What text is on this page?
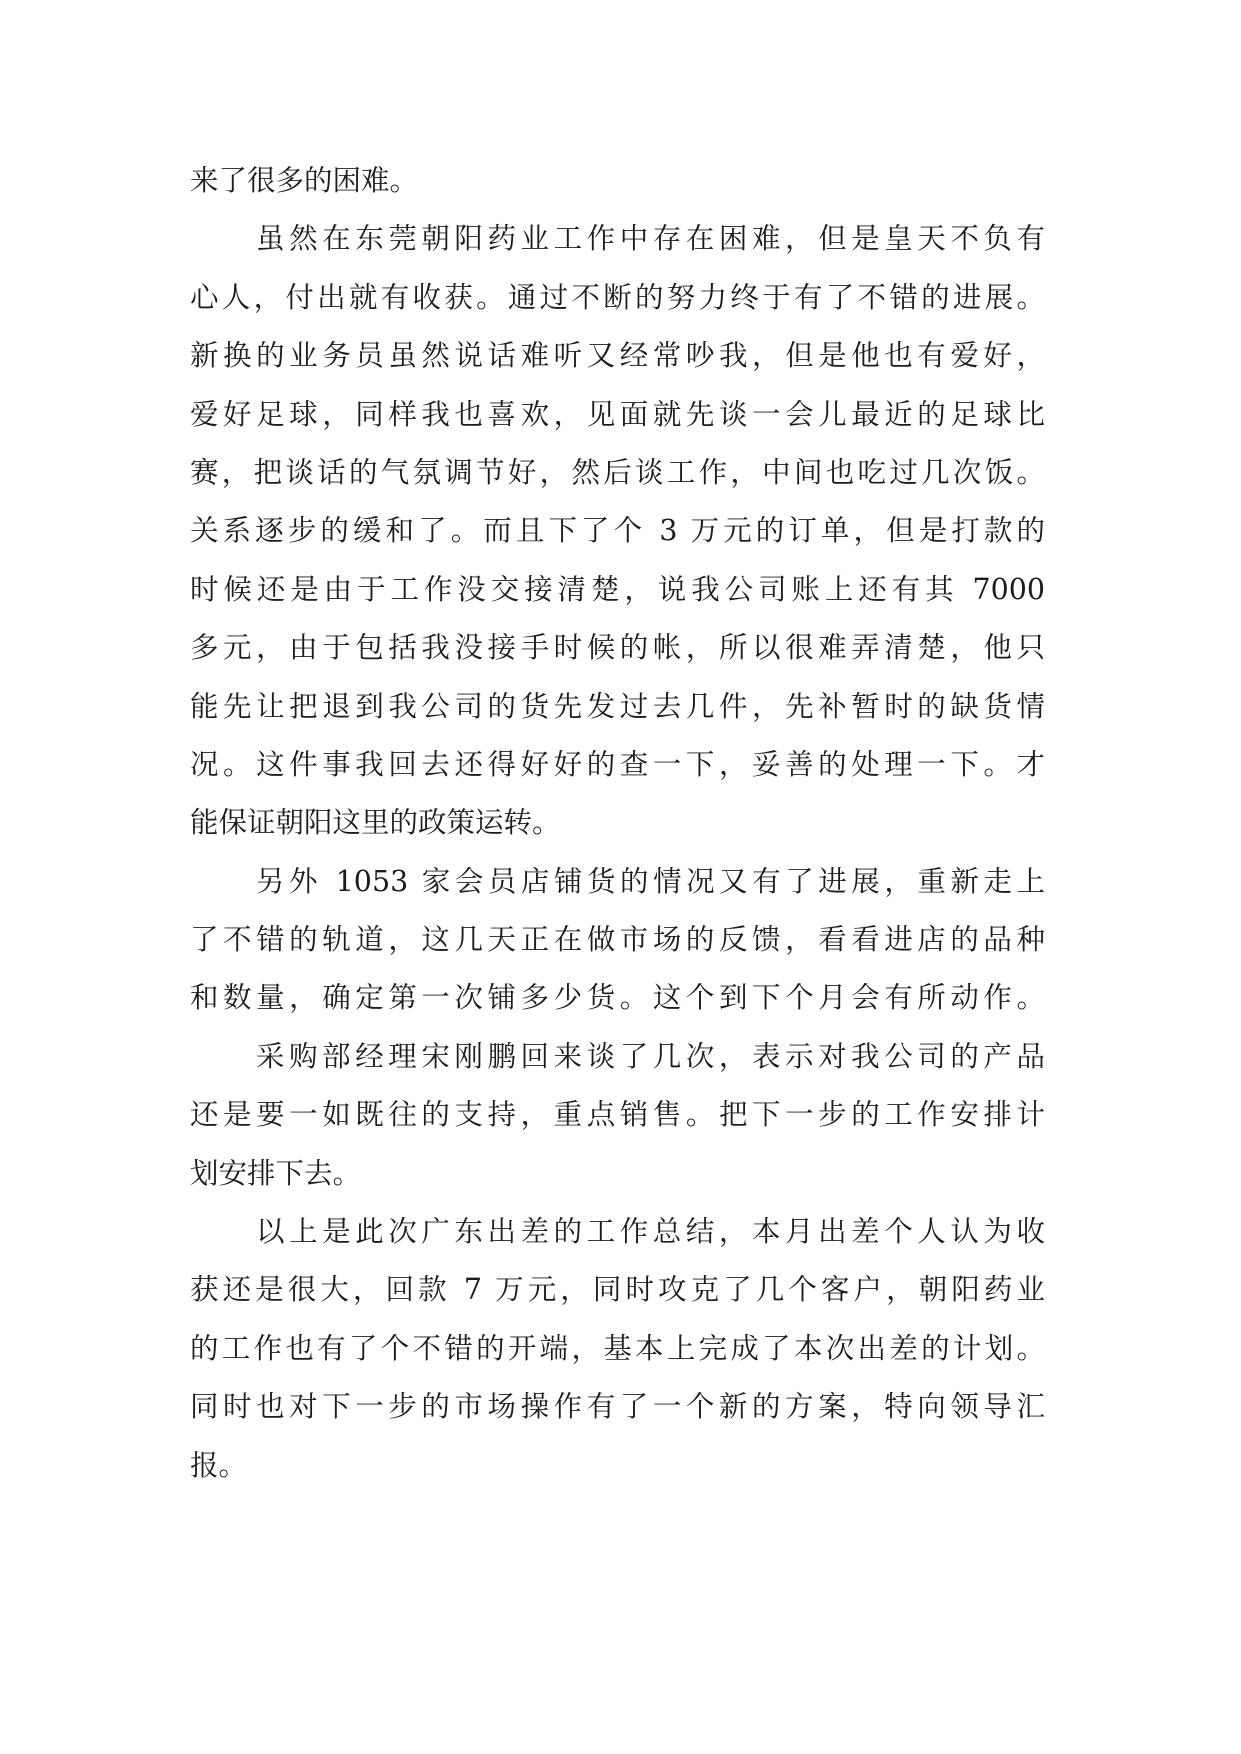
来了很多的困难。
虽然在东莞朝阳药业工作中存在困难，但是皇天不负有
心人，付出就有收获。通过不断的努力终于有了不错的进展。
新换的业务员虽然说话难听又经常吵我，但是他也有爱好，
爱好足球，同样我也喜欢，见面就先谈一会儿最近的足球比
赛，把谈话的气氛调节好，然后谈工作，中间也吃过几次饭。
关系逐步的缓和了。而且下了个 3 万元的订单，但是打款的
时候还是由于工作没交接清楚，说我公司账上还有其 7000
多元，由于包括我没接手时候的帐，所以很难弄清楚，他只
能先让把退到我公司的货先发过去几件，先补暂时的缺货情
况。这件事我回去还得好好的查一下，妥善的处理一下。才
能保证朝阳这里的政策运转。
另外 1053 家会员店铺货的情况又有了进展，重新走上
了不错的轨道，这几天正在做市场的反馈，看看进店的品种
和数量，确定第一次铺多少货。这个到下个月会有所动作。
采购部经理宋刚鹏回来谈了几次，表示对我公司的产品
还是要一如既往的支持，重点销售。把下一步的工作安排计
划安排下去。
以上是此次广东出差的工作总结，本月出差个人认为收
获还是很大，回款 7 万元，同时攻克了几个客户，朝阳药业
的工作也有了个不错的开端，基本上完成了本次出差的计划。
同时也对下一步的市场操作有了一个新的方案，特向领导汇
报。
